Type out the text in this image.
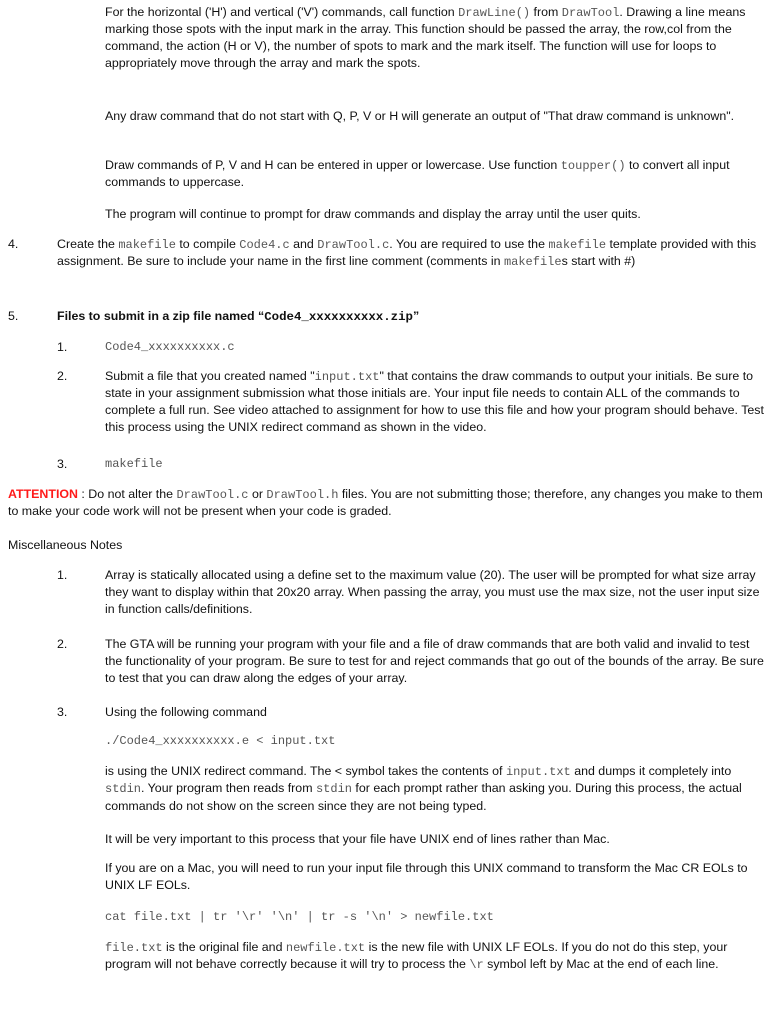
For the horizontal ('H') and vertical ('V') commands, call function DrawLine() from DrawTool. Drawing a line means marking those spots with the input mark in the array. This function should be passed the array, the row,col from the command, the action (H or V), the number of spots to mark and the mark itself. The function will use for loops to appropriately move through the array and mark the spots.

Any draw command that do not start with Q, P, V or H will generate an output of "That draw command is unknown".

Draw commands of P, V and H can be entered in upper or lowercase. Use function toupper() to convert all input commands to uppercase.

The program will continue to prompt for draw commands and display the array until the user quits.

4.	Create the makefile to compile Code4.c and DrawTool.c. You are required to use the makefile template provided with this assignment. Be sure to include your name in the first line comment (comments in makefiles start with #)

5.	Files to submit in a zip file named “Code4_xxxxxxxxxx.zip”

1.	Code4_xxxxxxxxxx.c

2.	Submit a file that you created named "input.txt" that contains the draw commands to output your initials. Be sure to state in your assignment submission what those initials are. Your input file needs to contain ALL of the commands to complete a full run. See video attached to assignment for how to use this file and how your program should behave. Test this process using the UNIX redirect command as shown in the video.

3.	makefile

ATTENTION : Do not alter the DrawTool.c or DrawTool.h files. You are not submitting those; therefore, any changes you make to them to make your code work will not be present when your code is graded.

Miscellaneous Notes

1.	Array is statically allocated using a define set to the maximum value (20). The user will be prompted for what size array they want to display within that 20x20 array. When passing the array, you must use the max size, not the user input size in function calls/definitions.

2.	The GTA will be running your program with your file and a file of draw commands that are both valid and invalid to test the functionality of your program. Be sure to test for and reject commands that go out of the bounds of the array. Be sure to test that you can draw along the edges of your array.

3.	Using the following command

./Code4_xxxxxxxxxx.e < input.txt

is using the UNIX redirect command. The < symbol takes the contents of input.txt and dumps it completely into stdin. Your program then reads from stdin for each prompt rather than asking you. During this process, the actual commands do not show on the screen since they are not being typed.

It will be very important to this process that your file have UNIX end of lines rather than Mac.

If you are on a Mac, you will need to run your input file through this UNIX command to transform the Mac CR EOLs to UNIX LF EOLs.

cat file.txt | tr '\r' '\n' | tr -s '\n' > newfile.txt

file.txt is the original file and newfile.txt is the new file with UNIX LF EOLs. If you do not do this step, your program will not behave correctly because it will try to process the \r symbol left by Mac at the end of each line.
